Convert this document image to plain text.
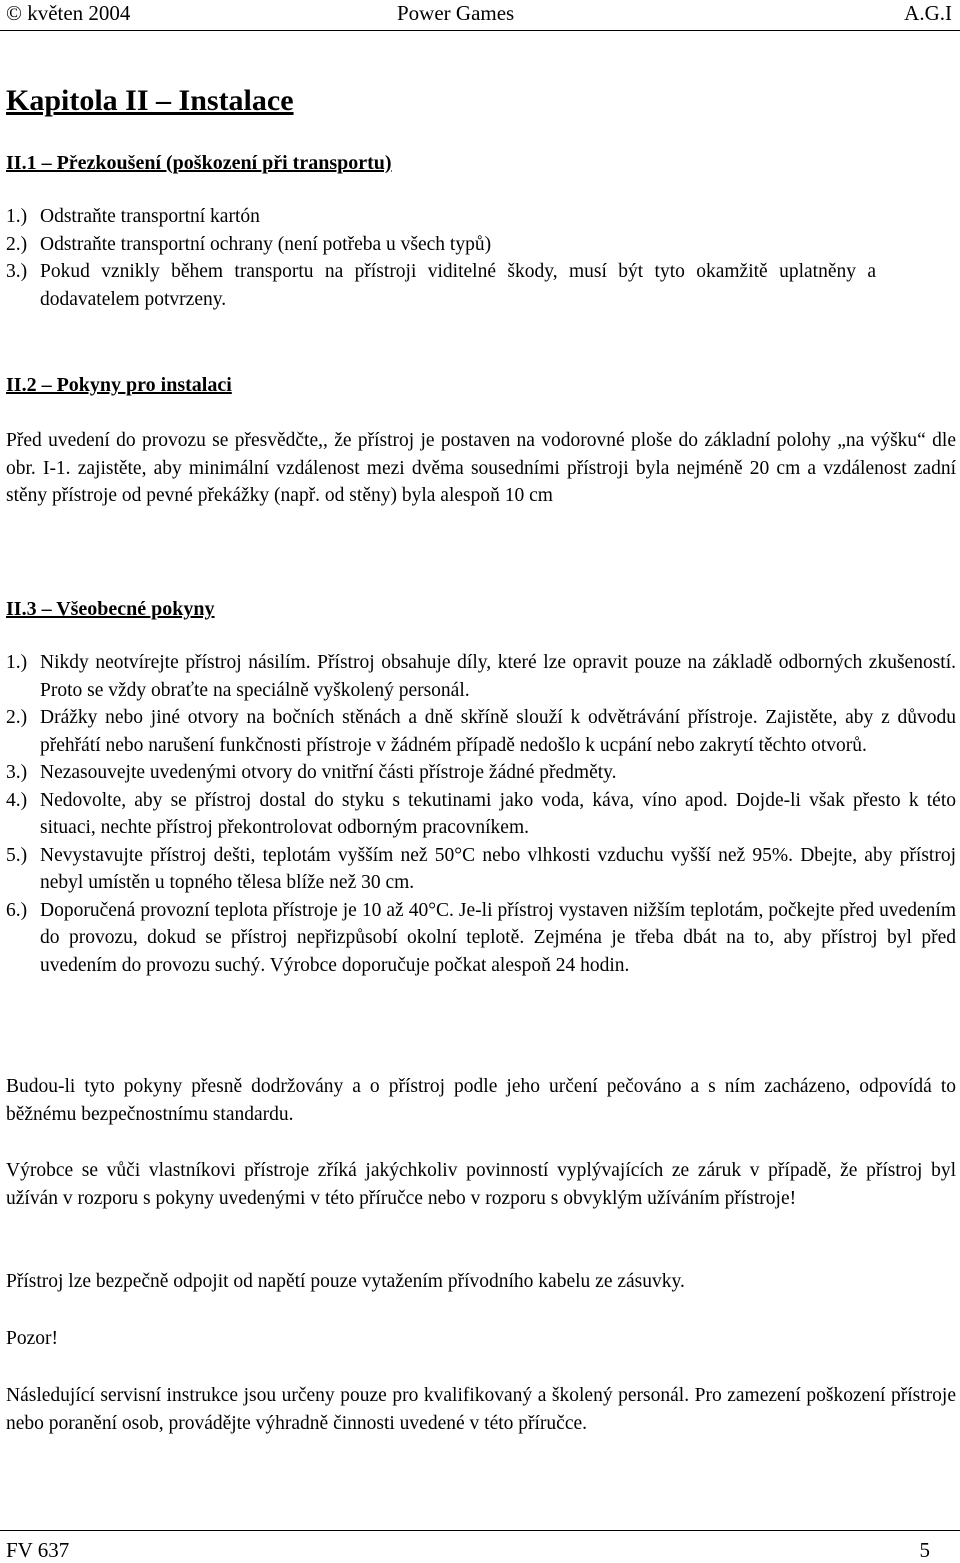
© květen 2004	Power Games	A.G.I
Kapitola II – Instalace
II.1 – Přezkoušení (poškození při transportu)
1.) Odstraňte transportní kartón
2.) Odstraňte transportní ochrany (není potřeba u všech typů)
3.) Pokud vznikly během transportu na přístroji viditelné škody, musí být tyto okamžitě uplatněny a dodavatelem potvrzeny.
II.2 – Pokyny pro instalaci

Před uvedení do provozu se přesvědčte,, že přístroj je postaven na vodorovné ploše do základní polohy „na výšku“ dle obr. I-1. zajistěte, aby minimální vzdálenost mezi dvěma sousedními přístroji byla nejméně 20 cm a vzdálenost zadní stěny přístroje od pevné překážky (např. od stěny) byla alespoň 10 cm

II.3 – Všeobecné pokyny
1.) Nikdy neotvírejte přístroj násilím. Přístroj obsahuje díly, které lze opravit pouze na základě odborných zkušeností. Proto se vždy obraťte na speciálně vyškolený personál.
2.) Drážky nebo jiné otvory na bočních stěnách a dně skříně slouží k odvětrávání přístroje. Zajistěte, aby z důvodu přehřátí nebo narušení funkčnosti přístroje v žádném případě nedošlo k ucpání nebo zakrytí těchto otvorů.
3.) Nezasouvejte uvedenými otvory do vnitřní části přístroje žádné předměty.
4.) Nedovolte, aby se přístroj dostal do styku s tekutinami jako voda, káva, víno apod. Dojde-li však přesto k této situaci, nechte přístroj překontrolovat odborným pracovníkem.
5.) Nevystavujte přístroj dešti, teplotám vyšším než 50°C nebo vlhkosti vzduchu vyšší než 95%. Dbejte, aby přístroj nebyl umístěn u topného tělesa blíže než 30 cm.
6.) Doporučená provozní teplota přístroje je 10 až 40°C. Je-li přístroj vystaven nižším teplotám, počkejte před uvedením do provozu, dokud se přístroj nepřizpůsobí okolní teplotě. Zejména je třeba dbát na to, aby přístroj byl před uvedením do provozu suchý. Výrobce doporučuje počkat alespoň 24 hodin.

Budou-li tyto pokyny přesně dodržovány a o přístroj podle jeho určení pečováno a s ním zacházeno, odpovídá to běžnému bezpečnostnímu standardu.

Výrobce se vůči vlastníkovi přístroje zříká jakýchkoliv povinností vyplývajících ze záruk v případě, že přístroj byl užíván v rozporu s pokyny uvedenými v této příručce nebo v rozporu s obvyklým užíváním přístroje!

Přístroj lze bezpečně odpojit od napětí pouze vytažením přívodního kabelu ze zásuvky.

Pozor!

Následující servisní instrukce jsou určeny pouze pro kvalifikovaný a školený personál. Pro zamezení poškození přístroje nebo poranění osob, provádějte výhradně činnosti uvedené v této příručce.

FV 637	5
